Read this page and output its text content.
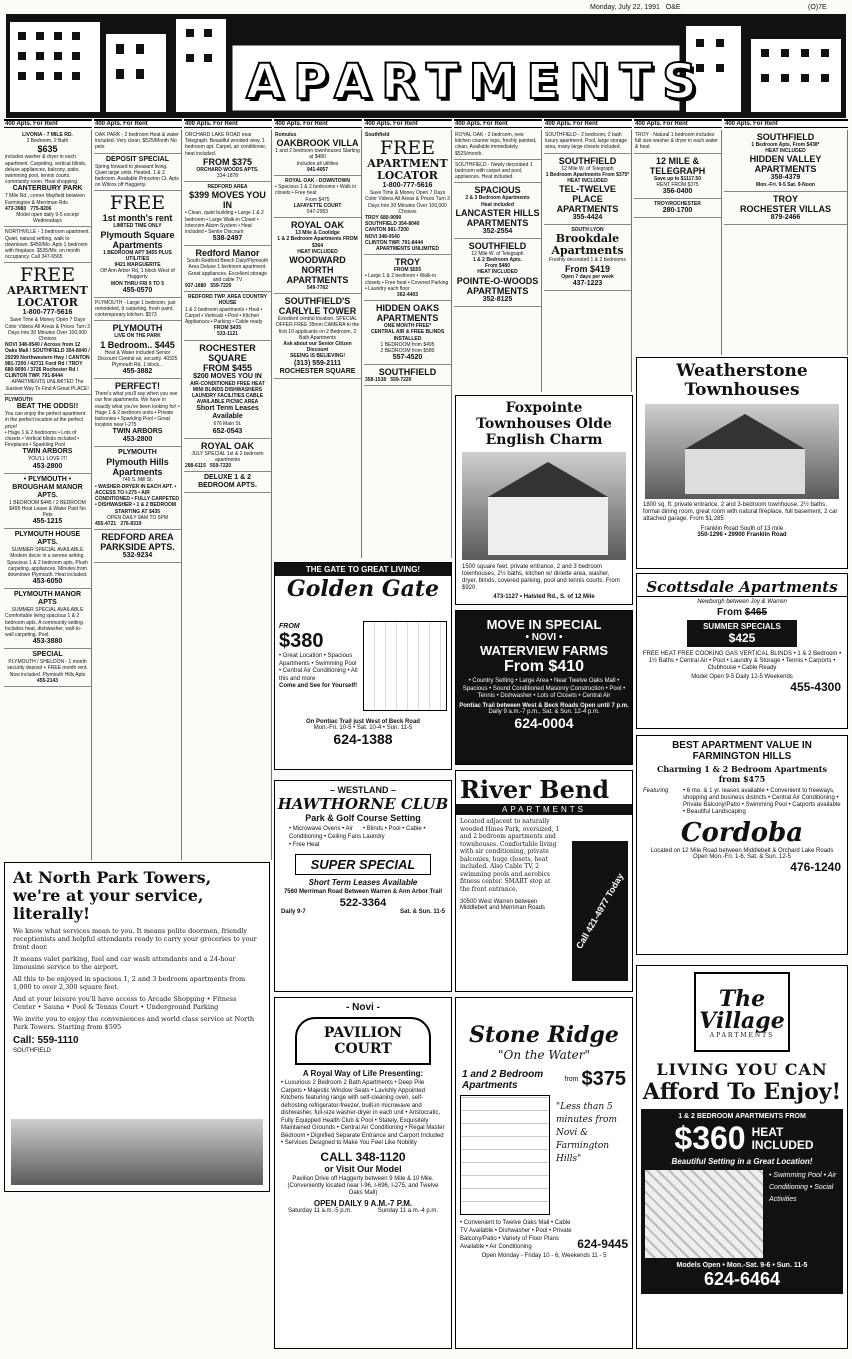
Monday, July 22, 1991 O&E	(O)7E
APARTMENTS
400 Apts. For Rent	400 Apts. For Rent	400 Apts. For Rent	400 Apts. For Rent	400 Apts. For Rent	400 Apts. For Rent	400 Apts. For Rent	400 Apts. For Rent	400 Apts. For Rent
LIVONIA - 7 MILE RD.
2 Bedroom, 2 Bath
$635
includes washer & dryer in each apartment. Carpeting, vertical blinds, deluxe appliances, balcony, patio, swimming pool, tennis courts, community room. Heat shopping.
CANTERBURY PARK
7 Mile Rd., corner Mayfield between Farmington & Merriman Rds
473-3983 775-8206
Model open daily 9-5 except Wednesdays
NORTHVILLE - 1 bedroom apartment. Quiet, natural setting, walk to downtown. $450/Mo. Apts 1 bedroom with fireplace. $535/Mo. on month occupancy. Call 347-6565
FREE
APARTMENT
LOCATOR
1-800-777-5616
Save Time & Money Open 7 Days Color Videos All Areas & Prices Turn 3 Days Into 30 Minutes Over 100,000 Choices
NOVI 348-0540 / Across from 12 Oaks Mall / SOUTHFIELD 354-8040 / 29299 Northwestern Hwy / CANTON 981-7200 / 42711 Ford Rd / TROY 680-9090 / 3726 Rochester Rd / CLINTON TWP. 791-8444
APARTMENTS UNLIMITED The Easiest Way To Find A Great PLACE!
PLYMOUTH
BEAT THE ODDS!!
You can enjoy the perfect apartment in the perfect location at the perfect price!
• Huge 1 & 2 bedrooms • Lots of closets • Vertical blinds included • Fireplaces • Sparkling Pool
TWIN ARBORS
YOU'LL LOVE IT!
453-2800
• PLYMOUTH • BROUGHAM MANOR APTS.
1 BEDROOM $445 / 2 BEDROOM $495 Heat Lease & Water Paid No Pets
455-1215
PLYMOUTH HOUSE APTS.
SUMMER SPECIAL AVAILABLE
Modern decor in a serene setting. Spacious 1 & 2 bedroom apts. Plush carpeting, appliances. Minutes from downtown Plymouth. Heat included.
453-6050
PLYMOUTH MANOR APTS
SUMMER SPECIAL AVAILABLE
Comfortable living spacious 1 & 2 bedroom apts. A community setting. Includes heat, dishwasher, wall-to-wall carpeting. Pool.
453-3880
SPECIAL
PLYMOUTH / SHELDON - 1 month security deposit + FREE month rent. Now included. Plymouth Hills Apts
455-2143
OAK PARK - 2 bedroom Heat & water included. Very clean. $525/Month No pets
DEPOSIT SPECIAL
Spring forward to pleasant living. Quiet large units. Heated. 1 & 2 bedroom. Available Princeton Ct. Apts on Wilcox off Haggerty.
FREE
1st month's rent
LIMITED TIME ONLY
Plymouth Square Apartments
1 BEDROOM APT $455 PLUS UTILITIES
9421 MARGUERITE
Off Ann Arbor Rd, 1 block West of Haggerty
MON THRU FRI 9 TO 5
455-0570
PLYMOUTH - Large 1 bedroom, just remodeled, 9 carpeting, fresh paint, contemporary kitchen. $573
PLYMOUTH
LIVE ON THE PARK
1 Bedroom.. $445
Heat & Water included Senior Discount Central air, security. 40325 Plymouth Rd, 1 block...
455-3882
PERFECT!
There's what you'll say when you see our fine apartments. We have in exactly what you've been looking for! • Huge 1 & 2 bedroom units • Private balconies • Sparkling Pool • Great location near I-275
TWIN ARBORS
453-2800
PLYMOUTH
Plymouth Hills Apartments
746 S. Mill St.
• WASHER-DRYER IN EACH APT. • ACCESS TO I-275 • AIR CONDITIONED • FULLY CARPETED • DISHWASHER • 1 & 2 BEDROOM
STARTING AT $435
OPEN DAILY 9AM TO 5PM
455-4721 276-8319
REDFORD AREA
PARKSIDE APTS.
532-9234
ORCHARD LAKE ROAD near Telegraph. Beautiful wooded view, 1 bedroom apt. Carpet, air conditioner, heat included.
FROM $375
ORCHARD WOODS APTS.
334-1878
REDFORD AREA
$399 MOVES YOU IN
• Clean, quiet building • Large 1 & 2 bedroom • Large Walk-in Closet • Intercom Alarm System • Heat included • Senior Discount
538-2497
Redford Manor
South Redford Beech Daly/Plymouth Area Deluxe 1 bedroom apartment. Great appliances. Excellent storage and cable TV
937-1880 559-7220
REDFORD TWP. AREA COUNTRY HOUSE
1 & 2 bedroom apartments • Heat • Carpet • Verticals • Pool • Kitchen Appliances • Parking • Cable ready
FROM $435
533-1121
ROCHESTER SQUARE
FROM $455
$200 MOVES YOU IN
AIR-CONDITIONED FREE HEAT MINI BLINDS DISHWASHERS LAUNDRY FACILITIES CABLE AVAILABLE PICNIC AREA
Short Term Leases Available
676 Main St.
652-0543
ROYAL OAK
JULY SPECIAL 1st & 2 bedroom apartments
288-6115 559-7220
DELUXE 1 & 2 BEDROOM APTS.
Romulus
OAKBROOK VILLA
1 and 2 bedroom townhouses Starting at $480
Includes all utilities
941-4057
ROYAL OAK - DOWNTOWN
• Spacious 1 & 2 bedrooms • Walk in closets • Free heat
From $475
LAFAYETTE COURT
547-2953
ROYAL OAK
13 Mile & Coolidge
1 & 2 Bedroom Apartments FROM $364
HEAT INCLUDED
WOODWARD NORTH APARTMENTS
549-7762
SOUTHFIELD'S CARLYLE TOWER
Excellent central location. SPECIAL OFFER FREE 35mm CAMERA to the first 10 applicants on 2 Bedroom, 2 Bath Apartments
Ask about our Senior Citizen Discount
SEEING IS BELIEVING!
(313) 559-2111
ROCHESTER SQUARE
Southfield
FREE
APARTMENT
LOCATOR
1-800-777-5616
Save Time & Money Open 7 Days Color Videos All Areas & Prices Turn 3 Days Into 30 Minutes Over 100,000 Choices
TROY 680-9090
SOUTHFIELD 354-8040
CANTON 981-7200
NOVI 348-0540
CLINTON TWP. 791-8444
APARTMENTS UNLIMITED
TROY
FROM $555
• Large 1 & 2 bedroom • Walk-in closets • Free heat • Covered Parking • Laundry each floor
362-4403
HIDDEN OAKS APARTMENTS
ONE MONTH FREE*
CENTRAL AIR & FREE BLINDS INSTALLED
1 BEDROOM from $495
2 BEDROOM from $580
557-4520
SOUTHFIELD
358-1538 559-7220
ROYAL OAK - 2 bedroom, new kitchen counter tops, freshly painted, clean. Available immediately. $525/month.
SOUTHFIELD - Newly decorated 1 bedroom with carpet and pool, appliances. Heat included.
SPACIOUS
2 & 3 Bedroom Apartments
Heat included
LANCASTER HILLS APARTMENTS
352-2554
SOUTHFIELD
12 Mile W. of Telegraph
1 & 2 Bedroom Apts.
From $480
HEAT INCLUDED
POINTE-O-WOODS APARTMENTS
352-8125
SOUTHFIELD - 2 bedroom, 2 bath luxury apartment. Pool, large storage area, many large closets included.
SOUTHFIELD
12 Mile W. of Telegraph
1 Bedroom Apartments From $375*
HEAT INCLUDED
TEL-TWELVE PLACE APARTMENTS
355-4424
SOUTH LYON
Brookdale Apartments
Freshly decorated 1 & 2 bedrooms
From $419
Open 7 days per week
437-1223
TROY - Natural 1 bedroom includes full size washer & dryer in each water & heat.
12 MILE & TELEGRAPH
Save up to $1117.50
RENT FROM $375
356-0400
TROY/ROCHESTER
280-1700
SOUTHFIELD
1 Bedroom Apts. From $438*
HEAT INCLUDED
HIDDEN VALLEY APARTMENTS
358-4379
Mon.-Fri. 9-5 Sat. 9-Noon
TROY
ROCHESTER VILLAS
879-2466
Weatherstone Townhouses
1800 sq. ft. private entrance, 2 and 3-bedroom townhouse, 2½ baths, formal dining room, great room with natural fireplace, full basement, 2 car attached garage. From $1,285
Franklin Road South of 13 mile
350-1296 • 29900 Franklin Road
Foxpointe Townhouses Olde English Charm
1500 square feet, private entrance, 2 and 3 bedroom townhouses, 2½ baths, kitchen w/ dinette area, washer, dryer, blinds, covered parking, pool and tennis courts. From $920
473-1127 • Halsted Rd., S. of 12 Mile
Scottsdale Apartments
Newburgh between Joy & Warren
From $465
SUMMER SPECIALS $425
FREE HEAT FREE COOKING GAS VERTICAL BLINDS • 1 & 2 Bedroom • 1½ Baths • Central Air • Pool • Laundry & Storage • Tennis • Carports • Clubhouse • Cable Ready
Model Open 9-5 Daily 12-5 Weekends
455-4300
MOVE IN SPECIAL
• NOVI •
WATERVIEW FARMS
From $410
• Country Setting • Large Area • Near Twelve Oaks Mall • Spacious • Sound Conditioned Masonry Construction • Pool • Tennis • Dishwasher • Lots of Closets • Central Air
Pontiac Trail between West & Beck Roads Open until 7 p.m.
Daily 9 a.m.-7 p.m., Sat. & Sun. 12-4 p.m.
624-0004
THE GATE TO GREAT LIVING!
Golden Gate
FROM
$380
• Great Location • Spacious Apartments • Swimming Pool • Central Air Conditioning • All this and more
Come and See for Yourself!
On Pontiac Trail just West of Beck Road
Mon.-Fri. 10-5 • Sat. 10-4 • Sun. 11-5
624-1388
– WESTLAND –
HAWTHORNE CLUB
Park & Golf Course Setting
• Microwave Ovens • Air Conditioning • Ceiling Fans • Free Heat
• Blinds • Pool • Cable • Laundry
SUPER SPECIAL
Short Term Leases Available
7560 Merriman Road Between Warren & Ann Arbor Trail
522-3364
Daily 9-7	Sat. & Sun. 11-5
River Bend
APARTMENTS
Located adjacent to naturally wooded Hines Park, oversized, 1 and 2 bedroom apartments and townhouses. Comfortable living with air conditioning, private balconies, huge closets, heat included. Also Cable TV, 2 swimming pools and aerobics fitness center. SMART stop at the front entrance.
30500 West Warren between Middlebelt and Merriman Roads	Call 421-4977 Today
BEST APARTMENT VALUE IN FARMINGTON HILLS
Charming 1 & 2 Bedroom Apartments from $475
Featuring	• 6 mo. & 1 yr. leases available • Convenient to freeways, shopping and business districts • Central Air Conditioning • Private Balcony/Patio • Swimming Pool • Carports available • Beautiful Landscaping
Cordoba
Located on 12 Mile Road between Middlebelt & Orchard Lake Roads
Open Mon.-Fri. 1-6, Sat. & Sun. 12-5
476-1240
At North Park Towers, we're at your service, literally!
We know what services mean to you. It means polite doormen, friendly receptionists and helpful attendants ready to carry your groceries to your front door.
It means valet parking, fuel and car wash attendants and a 24-hour limousine service to the airport.
All this to be enjoyed in spacious 1, 2 and 3 bedroom apartments from 1,000 to over 2,300 square feet.
And at your leisure you'll have access to Arcade Shopping • Fitness Center • Sauna • Pool & Tennis Court • Underground Parking
We invite you to enjoy the conveniences and world class service at North Park Towers. Starting from $595
Call: 559-1110
SOUTHFIELD
- Novi -
PAVILION COURT
A Royal Way of Life Presenting:
• Luxurious 2 Bedroom 2 Bath Apartments • Deep Pile Carpets • Majestic Window Seats • Lavishly Appointed Kitchens featuring range with self-cleaning oven, self-defrosting refrigerator-freezer, built-in microwave and dishwasher, full-size washer-dryer in each unit • Aristocratic, Fully Equipped Health Club & Pool • Stately, Exquisitely Maintained Grounds • Central Air Conditioning • Regal Master Bedroom • Dignified Separate Entrance and Carport Included • Services Designed to Make You Feel Like Nobility
CALL 348-1120
or Visit Our Model
Pavilion Drive off Haggerty between 9 Mile & 10 Mile. (Conveniently located near I-96, I-696, I-275, and Twelve Oaks Mall)
OPEN DAILY 9 A.M.-7 P.M.
Saturday 11 a.m.-5 p.m.	Sunday 11 a.m.-4 p.m.
Stone Ridge
"On the Water"
1 and 2 Bedroom Apartments	from $375
"Less than 5 minutes from Novi & Farmington Hills"
• Convenient to Twelve Oaks Mall • Cable TV Available • Dishwasher • Pool • Private Balcony/Patio • Variety of Floor Plans Available • Air Conditioning	624-9445
Open Monday - Friday 10 - 6, Weekends 11 - 5
The Village
APARTMENTS
LIVING YOU CAN
Afford To Enjoy!
1 & 2 BEDROOM APARTMENTS FROM
$360 HEAT INCLUDED
Beautiful Setting in a Great Location!
• Swimming Pool • Air Conditioning • Social Activities
Models Open • Mon.-Sat. 9-6 • Sun. 11-5
624-6464
